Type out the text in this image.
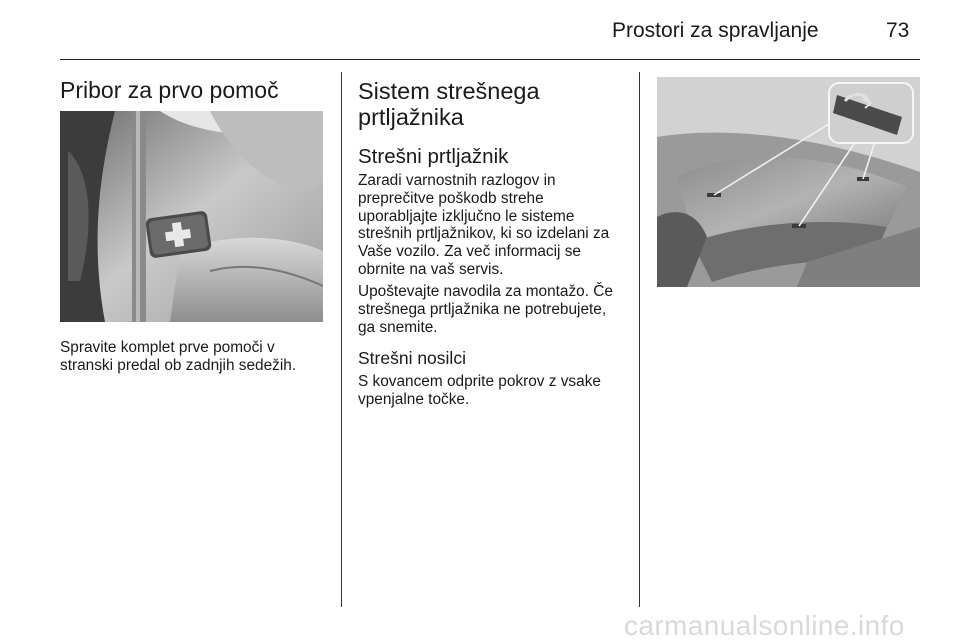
Prostori za spravljanje	73
Pribor za prvo pomoč
Spravite komplet prve pomoči v
stranski predal ob zadnjih sedežih.
Sistem strešnega
prtljažnika
Strešni prtljažnik
Zaradi varnostnih razlogov in
preprečitve poškodb strehe
uporabljajte izključno le sisteme
strešnih prtljažnikov, ki so izdelani za
Vaše vozilo. Za več informacij se
obrnite na vaš servis.
Upoštevajte navodila za montažo. Če
strešnega prtljažnika ne potrebujete,
ga snemite.
Strešni nosilci
S kovancem odprite pokrov z vsake
vpenjalne točke.
carmanualsonline.info
